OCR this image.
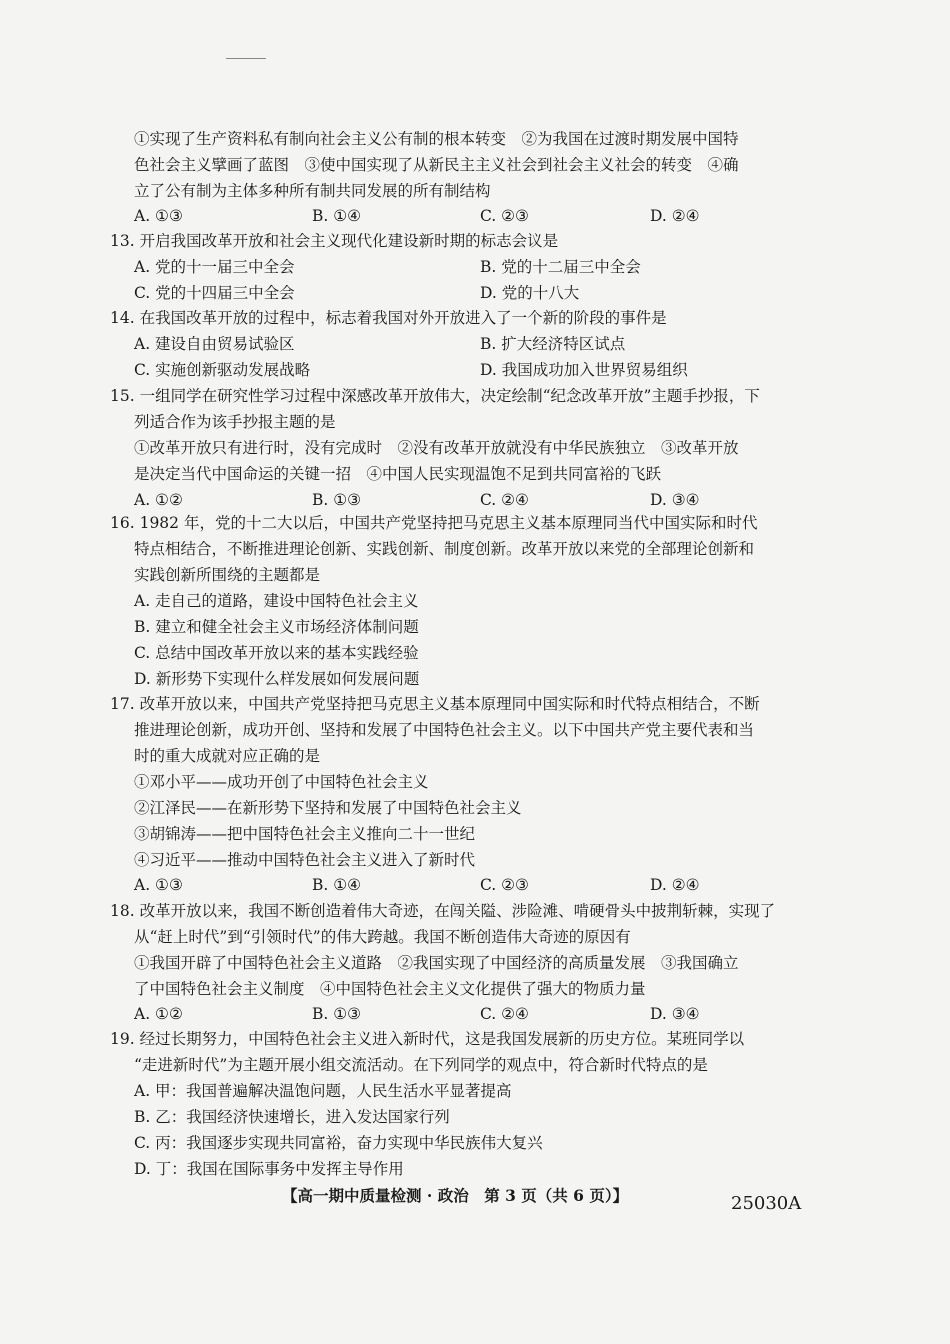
①实现了生产资料私有制向社会主义公有制的根本转变　②为我国在过渡时期发展中国特
色社会主义擘画了蓝图　③使中国实现了从新民主主义社会到社会主义社会的转变　④确
立了公有制为主体多种所有制共同发展的所有制结构
A. ①③	B. ①④	C. ②③	D. ②④
13. 开启我国改革开放和社会主义现代化建设新时期的标志会议是
A. 党的十一届三中全会	B. 党的十二届三中全会
C. 党的十四届三中全会	D. 党的十八大
14. 在我国改革开放的过程中，标志着我国对外开放进入了一个新的阶段的事件是
A. 建设自由贸易试验区	B. 扩大经济特区试点
C. 实施创新驱动发展战略	D. 我国成功加入世界贸易组织
15. 一组同学在研究性学习过程中深感改革开放伟大，决定绘制“纪念改革开放”主题手抄报，下
列适合作为该手抄报主题的是
①改革开放只有进行时，没有完成时　②没有改革开放就没有中华民族独立　③改革开放
是决定当代中国命运的关键一招　④中国人民实现温饱不足到共同富裕的飞跃
A. ①②	B. ①③	C. ②④	D. ③④
16. 1982 年，党的十二大以后，中国共产党坚持把马克思主义基本原理同当代中国实际和时代
特点相结合，不断推进理论创新、实践创新、制度创新。改革开放以来党的全部理论创新和
实践创新所围绕的主题都是
A. 走自己的道路，建设中国特色社会主义
B. 建立和健全社会主义市场经济体制问题
C. 总结中国改革开放以来的基本实践经验
D. 新形势下实现什么样发展如何发展问题
17. 改革开放以来，中国共产党坚持把马克思主义基本原理同中国实际和时代特点相结合，不断
推进理论创新，成功开创、坚持和发展了中国特色社会主义。以下中国共产党主要代表和当
时的重大成就对应正确的是
①邓小平——成功开创了中国特色社会主义
②江泽民——在新形势下坚持和发展了中国特色社会主义
③胡锦涛——把中国特色社会主义推向二十一世纪
④习近平——推动中国特色社会主义进入了新时代
A. ①③	B. ①④	C. ②③	D. ②④
18. 改革开放以来，我国不断创造着伟大奇迹，在闯关隘、涉险滩、啃硬骨头中披荆斩棘，实现了
从“赶上时代”到“引领时代”的伟大跨越。我国不断创造伟大奇迹的原因有
①我国开辟了中国特色社会主义道路　②我国实现了中国经济的高质量发展　③我国确立
了中国特色社会主义制度　④中国特色社会主义文化提供了强大的物质力量
A. ①②	B. ①③	C. ②④	D. ③④
19. 经过长期努力，中国特色社会主义进入新时代，这是我国发展新的历史方位。某班同学以
“走进新时代”为主题开展小组交流活动。在下列同学的观点中，符合新时代特点的是
A. 甲：我国普遍解决温饱问题，人民生活水平显著提高
B. 乙：我国经济快速增长，进入发达国家行列
C. 丙：我国逐步实现共同富裕，奋力实现中华民族伟大复兴
D. 丁：我国在国际事务中发挥主导作用
【高一期中质量检测 · 政治　第 3 页（共 6 页）】	25030A
